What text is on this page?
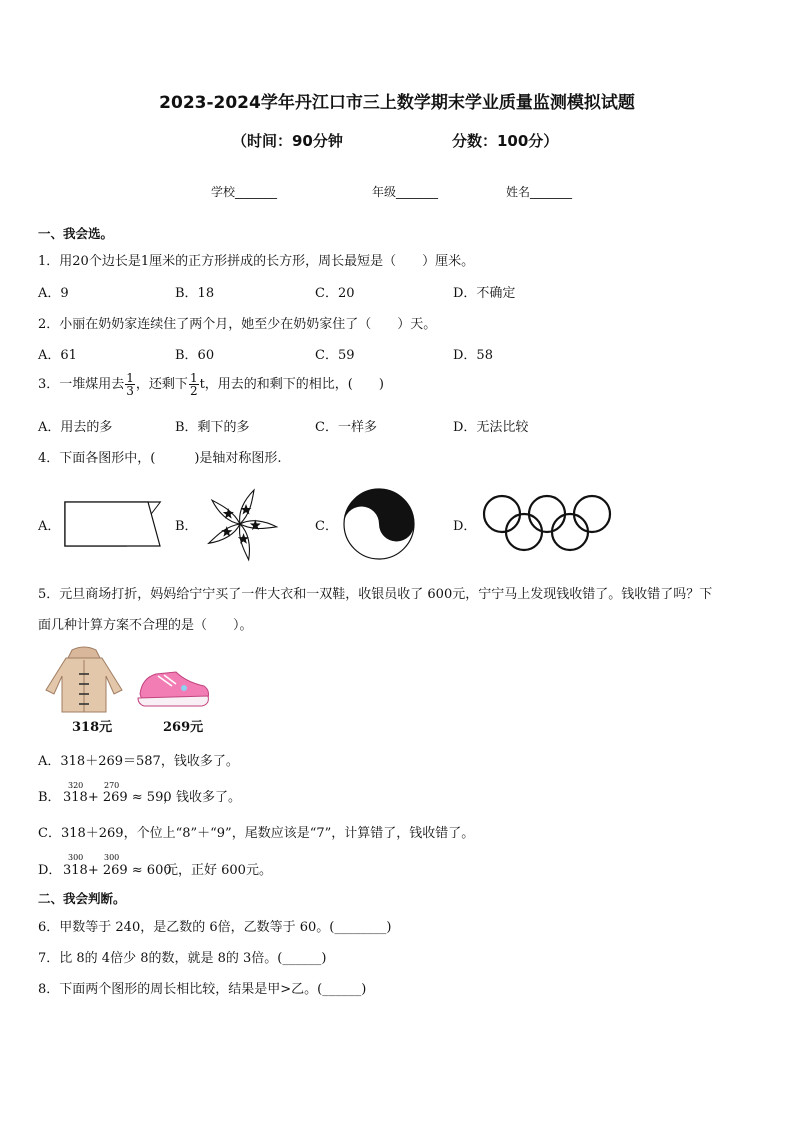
2023-2024学年丹江口市三上数学期末学业质量监测模拟试题
（时间：90分钟	分数：100分）
学校_______	年级_______	姓名_______
一、我会选。
1．用20个边长是1厘米的正方形拼成的长方形，周长最短是（　　）厘米。
A．9	B．18	C．20	D．不确定
2．小丽在奶奶家连续住了两个月，她至少在奶奶家住了（　　）天。
A．61	B．60	C．59	D．58
3．一堆煤用去 $\frac{1}{3}$ ，还剩下 $\frac{1}{2}$ t，用去的和剩下的相比，(　　)
A．用去的多	B．剩下的多	C．一样多	D．无法比较
4．下面各图形中，(　　　)是轴对称图形.
A．	B．	C．	D．
5．元旦商场打折，妈妈给宁宁买了一件大衣和一双鞋，收银员收了 600元，宁宁马上发现钱收错了。钱收错了吗？下
面几种计算方案不合理的是（　　）。
318元	269元
A．318＋269＝587，钱收多了。
B． 318+ 269 ≈ 590
320	270
，钱收多了。
C．318＋269，个位上“8”＋“9”，尾数应该是“7”，计算错了，钱收错了。
D． 318+ 269 ≈ 600
300	300
元，正好 600元。
二、我会判断。
6．甲数等于 240，是乙数的 6倍，乙数等于 60。(________)
7．比 8的 4倍少 8的数，就是 8的 3倍。(______)
8．下面两个图形的周长相比较，结果是甲>乙。(______)
